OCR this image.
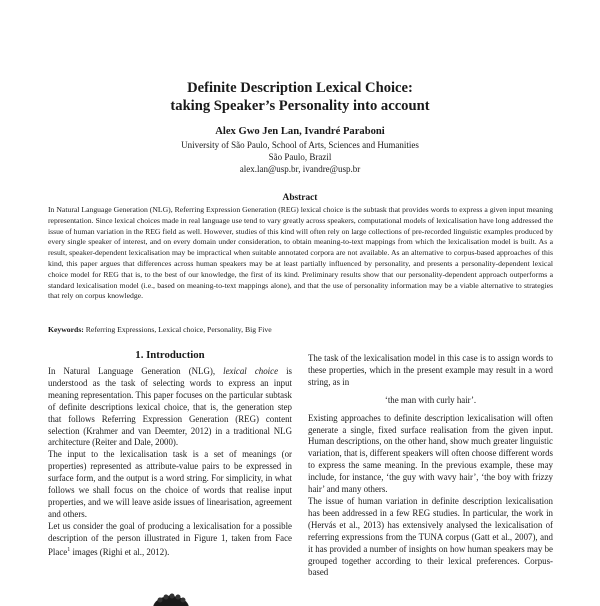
Definite Description Lexical Choice:
taking Speaker’s Personality into account
Alex Gwo Jen Lan, Ivandré Paraboni
University of São Paulo, School of Arts, Sciences and Humanities
São Paulo, Brazil
alex.lan@usp.br, ivandre@usp.br
Abstract
In Natural Language Generation (NLG), Referring Expression Generation (REG) lexical choice is the subtask that provides words to express a given input meaning representation. Since lexical choices made in real language use tend to vary greatly across speakers, computational models of lexicalisation have long addressed the issue of human variation in the REG field as well. However, studies of this kind will often rely on large collections of pre-recorded linguistic examples produced by every single speaker of interest, and on every domain under consideration, to obtain meaning-to-text mappings from which the lexicalisation model is built. As a result, speaker-dependent lexicalisation may be impractical when suitable annotated corpora are not available. As an alternative to corpus-based approaches of this kind, this paper argues that differences across human speakers may be at least partially influenced by personality, and presents a personality-dependent lexical choice model for REG that is, to the best of our knowledge, the first of its kind. Preliminary results show that our personality-dependent approach outperforms a standard lexicalisation model (i.e., based on meaning-to-text mappings alone), and that the use of personality information may be a viable alternative to strategies that rely on corpus knowledge.
Keywords: Referring Expressions, Lexical choice, Personality, Big Five
1. Introduction

In Natural Language Generation (NLG), lexical choice is understood as the task of selecting words to express an input meaning representation. This paper focuses on the particular subtask of definite descriptions lexical choice, that is, the generation step that follows Referring Expression Generation (REG) content selection (Krahmer and van Deemter, 2012) in a traditional NLG architecture (Reiter and Dale, 2000).

The input to the lexicalisation task is a set of meanings (or properties) represented as attribute-value pairs to be expressed in surface form, and the output is a word string. For simplicity, in what follows we shall focus on the choice of words that realise input properties, and we will leave aside issues of linearisation, agreement and others.

Let us consider the goal of producing a lexicalisation for a possible description of the person illustrated in Figure 1, taken from Face Place$^1$ images (Righi et al., 2012).

The task of the lexicalisation model in this case is to assign words to these properties, which in the present example may result in a word string, as in

‘the man with curly hair’.

Existing approaches to definite description lexicalisation will often generate a single, fixed surface realisation from the given input. Human descriptions, on the other hand, show much greater linguistic variation, that is, different speakers will often choose different words to express the same meaning. In the previous example, these may include, for instance, ‘the guy with wavy hair’, ‘the boy with frizzy hair’ and many others.

The issue of human variation in definite description lexicalisation has been addressed in a few REG studies. In particular, the work in (Hervás et al., 2013) has extensively analysed the lexicalisation of referring expressions from the TUNA corpus (Gatt et al., 2007), and it has provided a number of insights on how human speakers may be grouped together according to their lexical preferences. Corpus-based
